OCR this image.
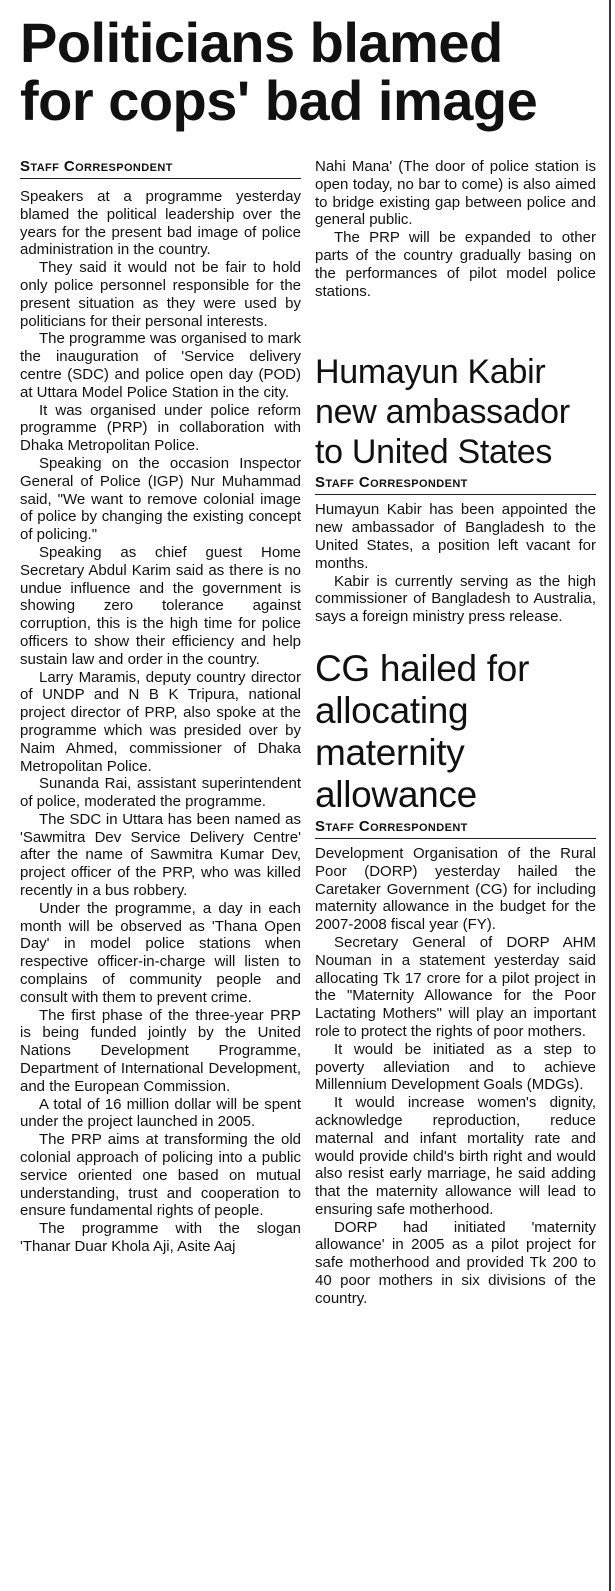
Politicians blamed
for cops' bad image
Staff Correspondent

Speakers at a programme yesterday blamed the political leadership over the years for the present bad image of police administration in the country.

They said it would not be fair to hold only police personnel responsible for the present situation as they were used by politicians for their personal interests.

The programme was organised to mark the inauguration of 'Service delivery centre (SDC) and police open day (POD) at Uttara Model Police Station in the city.

It was organised under police reform programme (PRP) in collaboration with Dhaka Metropolitan Police.

Speaking on the occasion Inspector General of Police (IGP) Nur Muhammad said, "We want to remove colonial image of police by changing the existing concept of policing."

Speaking as chief guest Home Secretary Abdul Karim said as there is no undue influence and the government is showing zero tolerance against corruption, this is the high time for police officers to show their efficiency and help sustain law and order in the country.

Larry Maramis, deputy country director of UNDP and N B K Tripura, national project director of PRP, also spoke at the programme which was presided over by Naim Ahmed, commissioner of Dhaka Metropolitan Police.

Sunanda Rai, assistant superintendent of police, moderated the programme.

The SDC in Uttara has been named as 'Sawmitra Dev Service Delivery Centre' after the name of Sawmitra Kumar Dev, project officer of the PRP, who was killed recently in a bus robbery.

Under the programme, a day in each month will be observed as 'Thana Open Day' in model police stations when respective officer-in-charge will listen to complains of community people and consult with them to prevent crime.

The first phase of the three-year PRP is being funded jointly by the United Nations Development Programme, Department of International Development, and the European Commission.

A total of 16 million dollar will be spent under the project launched in 2005.

The PRP aims at transforming the old colonial approach of policing into a public service oriented one based on mutual understanding, trust and cooperation to ensure fundamental rights of people.

The programme with the slogan 'Thanar Duar Khola Aji, Asite Aaj

Nahi Mana' (The door of police station is open today, no bar to come) is also aimed to bridge existing gap between police and general public.

The PRP will be expanded to other parts of the country gradually basing on the performances of pilot model police stations.

Humayun Kabir new ambassador to United States
Staff Correspondent

Humayun Kabir has been appointed the new ambassador of Bangladesh to the United States, a position left vacant for months.

Kabir is currently serving as the high commissioner of Bangladesh to Australia, says a foreign ministry press release.

CG hailed for allocating maternity allowance
Staff Correspondent

Development Organisation of the Rural Poor (DORP) yesterday hailed the Caretaker Government (CG) for including maternity allowance in the budget for the 2007-2008 fiscal year (FY).

Secretary General of DORP AHM Nouman in a statement yesterday said allocating Tk 17 crore for a pilot project in the "Maternity Allowance for the Poor Lactating Mothers" will play an important role to protect the rights of poor mothers.

It would be initiated as a step to poverty alleviation and to achieve Millennium Development Goals (MDGs).

It would increase women's dignity, acknowledge reproduction, reduce maternal and infant mortality rate and would provide child's birth right and would also resist early marriage, he said adding that the maternity allowance will lead to ensuring safe motherhood.

DORP had initiated 'maternity allowance' in 2005 as a pilot project for safe motherhood and provided Tk 200 to 40 poor mothers in six divisions of the country.
